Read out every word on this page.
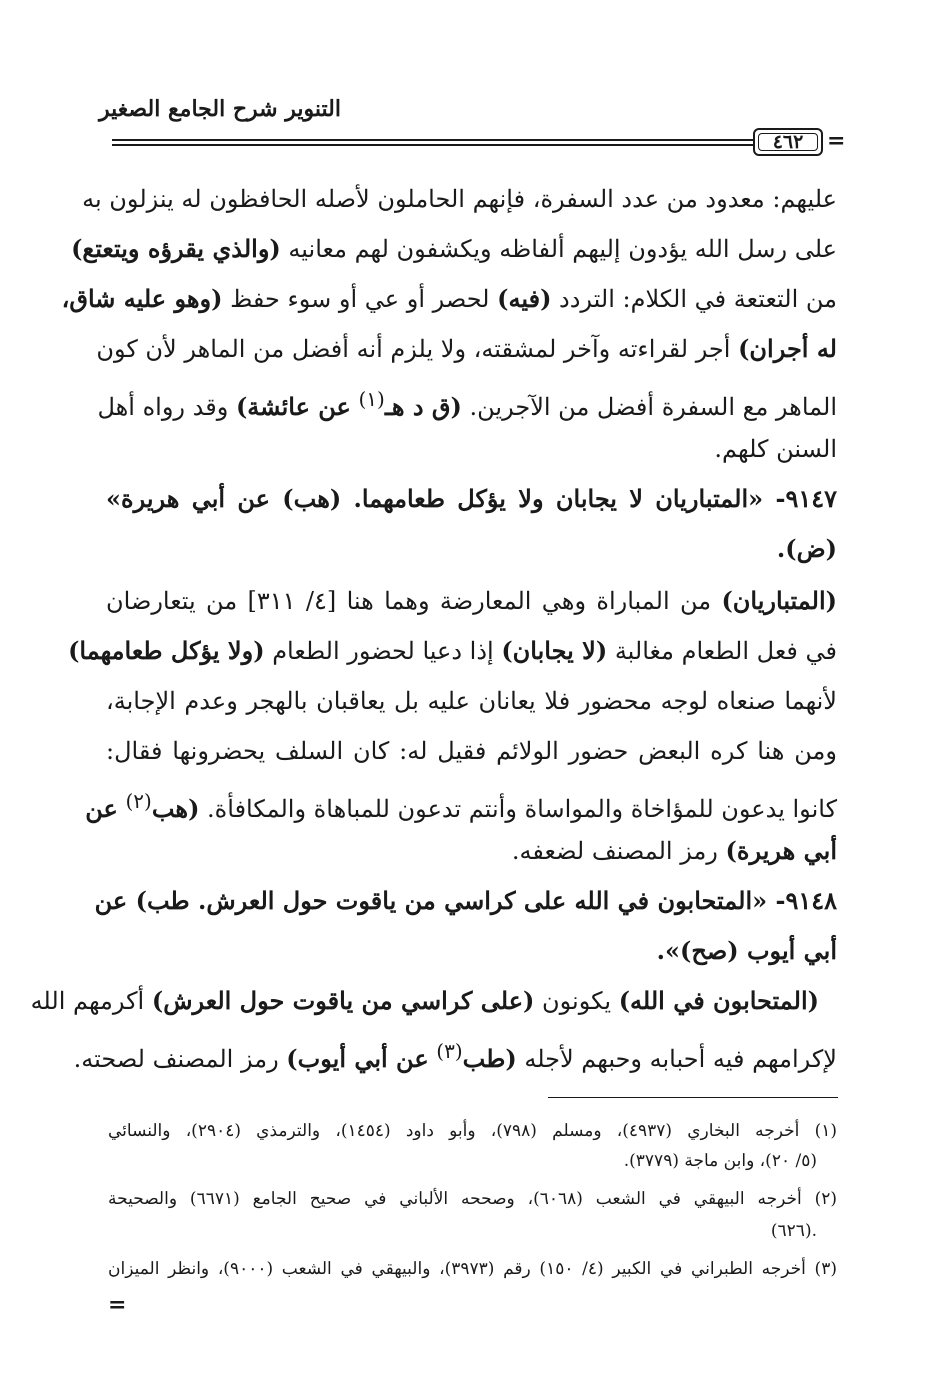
التنوير شرح الجامع الصغير
٤٦٢ =
عليهم: معدود من عدد السفرة، فإنهم الحاملون لأصله الحافظون له ينزلون به
على رسل الله يؤدون إليهم ألفاظه ويكشفون لهم معانيه (والذي يقرؤه ويتعتع)
من التعتعة في الكلام: التردد (فيه) لحصر أو عي أو سوء حفظ (وهو عليه شاق،
له أجران) أجر لقراءته وآخر لمشقته، ولا يلزم أنه أفضل من الماهر لأن كون
الماهر مع السفرة أفضل من الآجرين. (ق د هـ$^{(١)}$ عن عائشة) وقد رواه أهل
السنن كلهم.
٩١٤٧- «المتباريان لا يجابان ولا يؤكل طعامهما. (هب) عن أبي هريرة»
(ض).
(المتباريان) من المباراة وهي المعارضة وهما هنا [٤/ ٣١١] من يتعارضان
في فعل الطعام مغالبة (لا يجابان) إذا دعيا لحضور الطعام (ولا يؤكل طعامهما)
لأنهما صنعاه لوجه محضور فلا يعانان عليه بل يعاقبان بالهجر وعدم الإجابة،
ومن هنا كره البعض حضور الولائم فقيل له: كان السلف يحضرونها فقال:
كانوا يدعون للمؤاخاة والمواساة وأنتم تدعون للمباهاة والمكافأة. (هب$^{(٢)}$ عن
أبي هريرة) رمز المصنف لضعفه.
٩١٤٨- «المتحابون في الله على كراسي من ياقوت حول العرش. طب) عن
أبي أيوب (صح)».
(المتحابون في الله) يكونون (على كراسي من ياقوت حول العرش) أكرمهم الله
لإكرامهم فيه أحبابه وحبهم لأجله (طب$^{(٣)}$ عن أبي أيوب) رمز المصنف لصحته.
(١) أخرجه البخاري (٤٩٣٧)، ومسلم (٧٩٨)، وأبو داود (١٤٥٤)، والترمذي (٢٩٠٤)، والنسائي
(٥/ ٢٠)، وابن ماجة (٣٧٧٩).
(٢) أخرجه البيهقي في الشعب (٦٠٦٨)، وصححه الألباني في صحيح الجامع (٦٦٧١) والصحيحة
(٦٢٦).
(٣) أخرجه الطبراني في الكبير (٤/ ١٥٠) رقم (٣٩٧٣)، والبيهقي في الشعب (٩٠٠٠)، وانظر الميزان
=
